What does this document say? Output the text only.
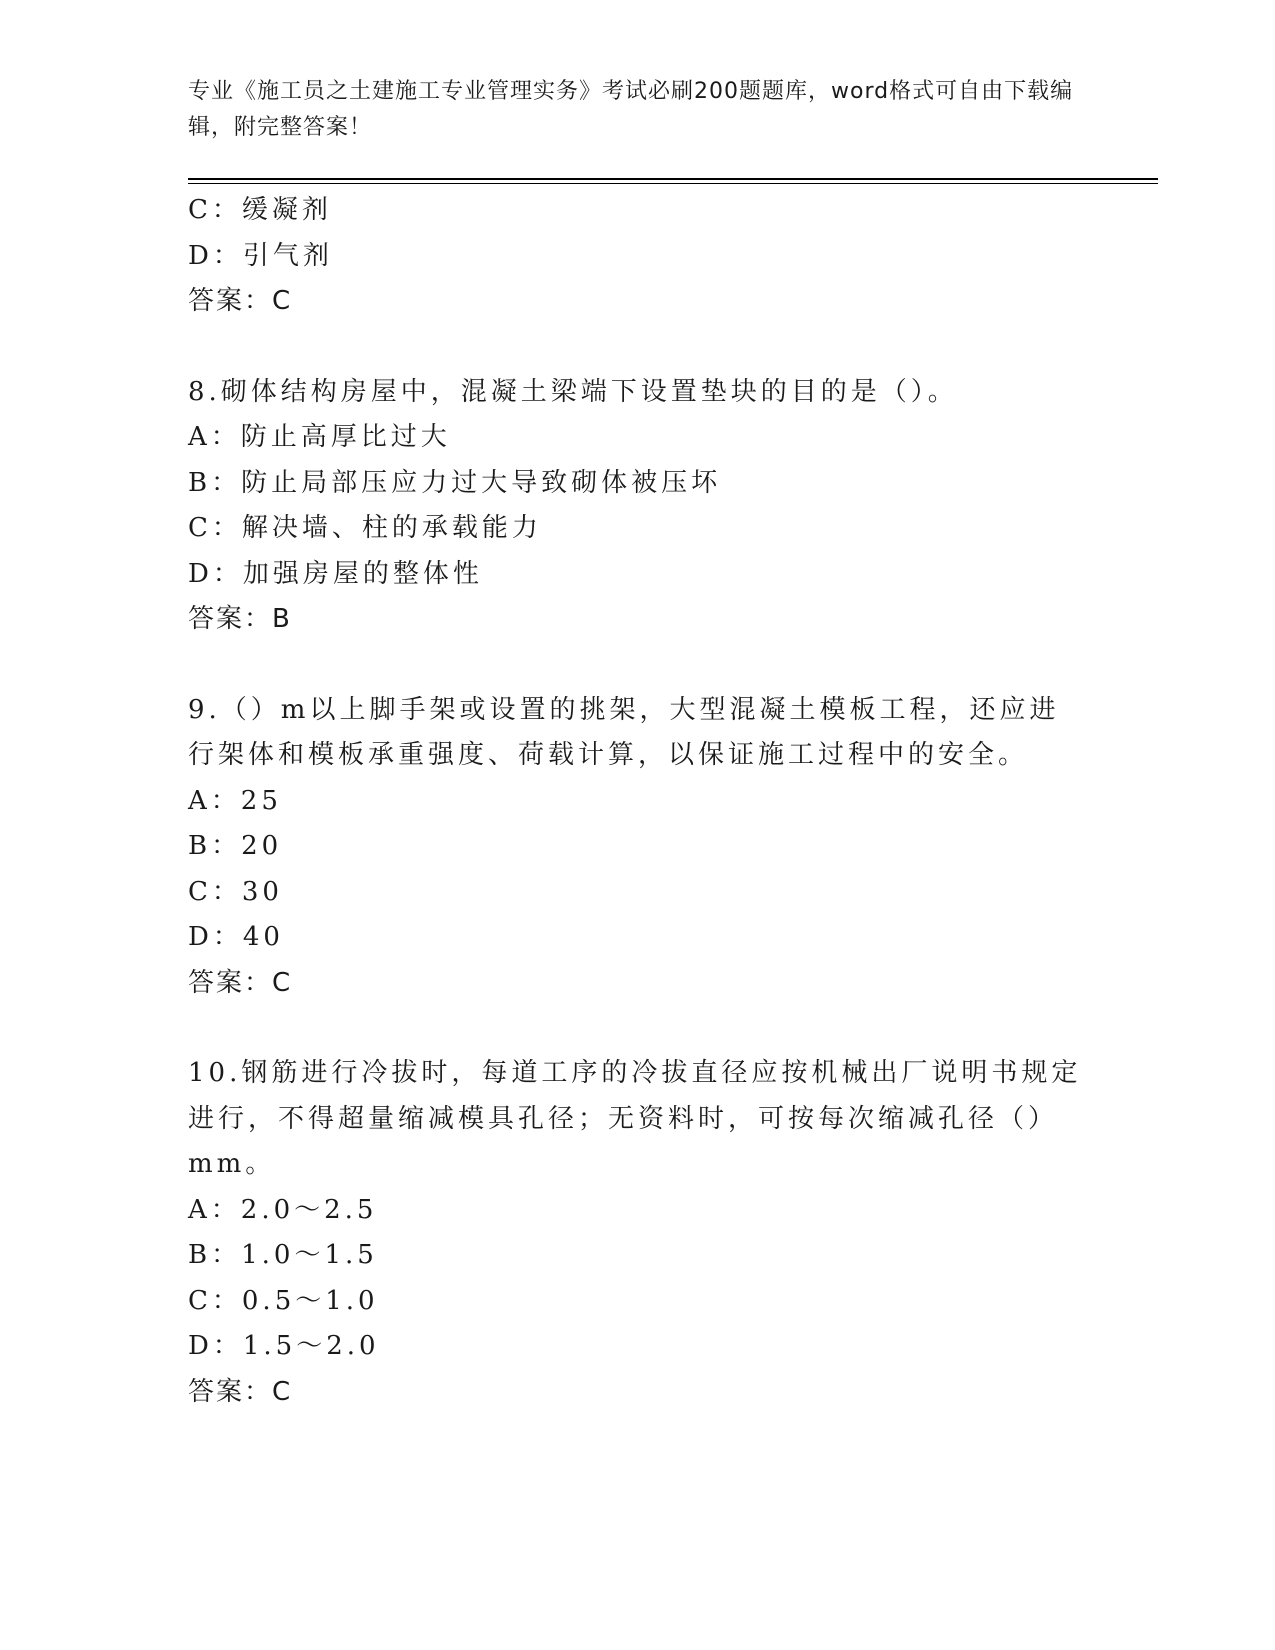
专业《施工员之土建施工专业管理实务》考试必刷200题题库，word格式可自由下载编辑，附完整答案！
C：缓凝剂
D：引气剂
答案：C
8.砌体结构房屋中，混凝土梁端下设置垫块的目的是（）。
A：防止高厚比过大
B：防止局部压应力过大导致砌体被压坏
C：解决墙、柱的承载能力
D：加强房屋的整体性
答案：B
9.（）m以上脚手架或设置的挑架，大型混凝土模板工程，还应进行架体和模板承重强度、荷载计算，以保证施工过程中的安全。
A：25
B：20
C：30
D：40
答案：C
10.钢筋进行冷拔时，每道工序的冷拔直径应按机械出厂说明书规定进行，不得超量缩减模具孔径；无资料时，可按每次缩减孔径（）mm。
A：2.0～2.5
B：1.0～1.5
C：0.5～1.0
D：1.5～2.0
答案：C
